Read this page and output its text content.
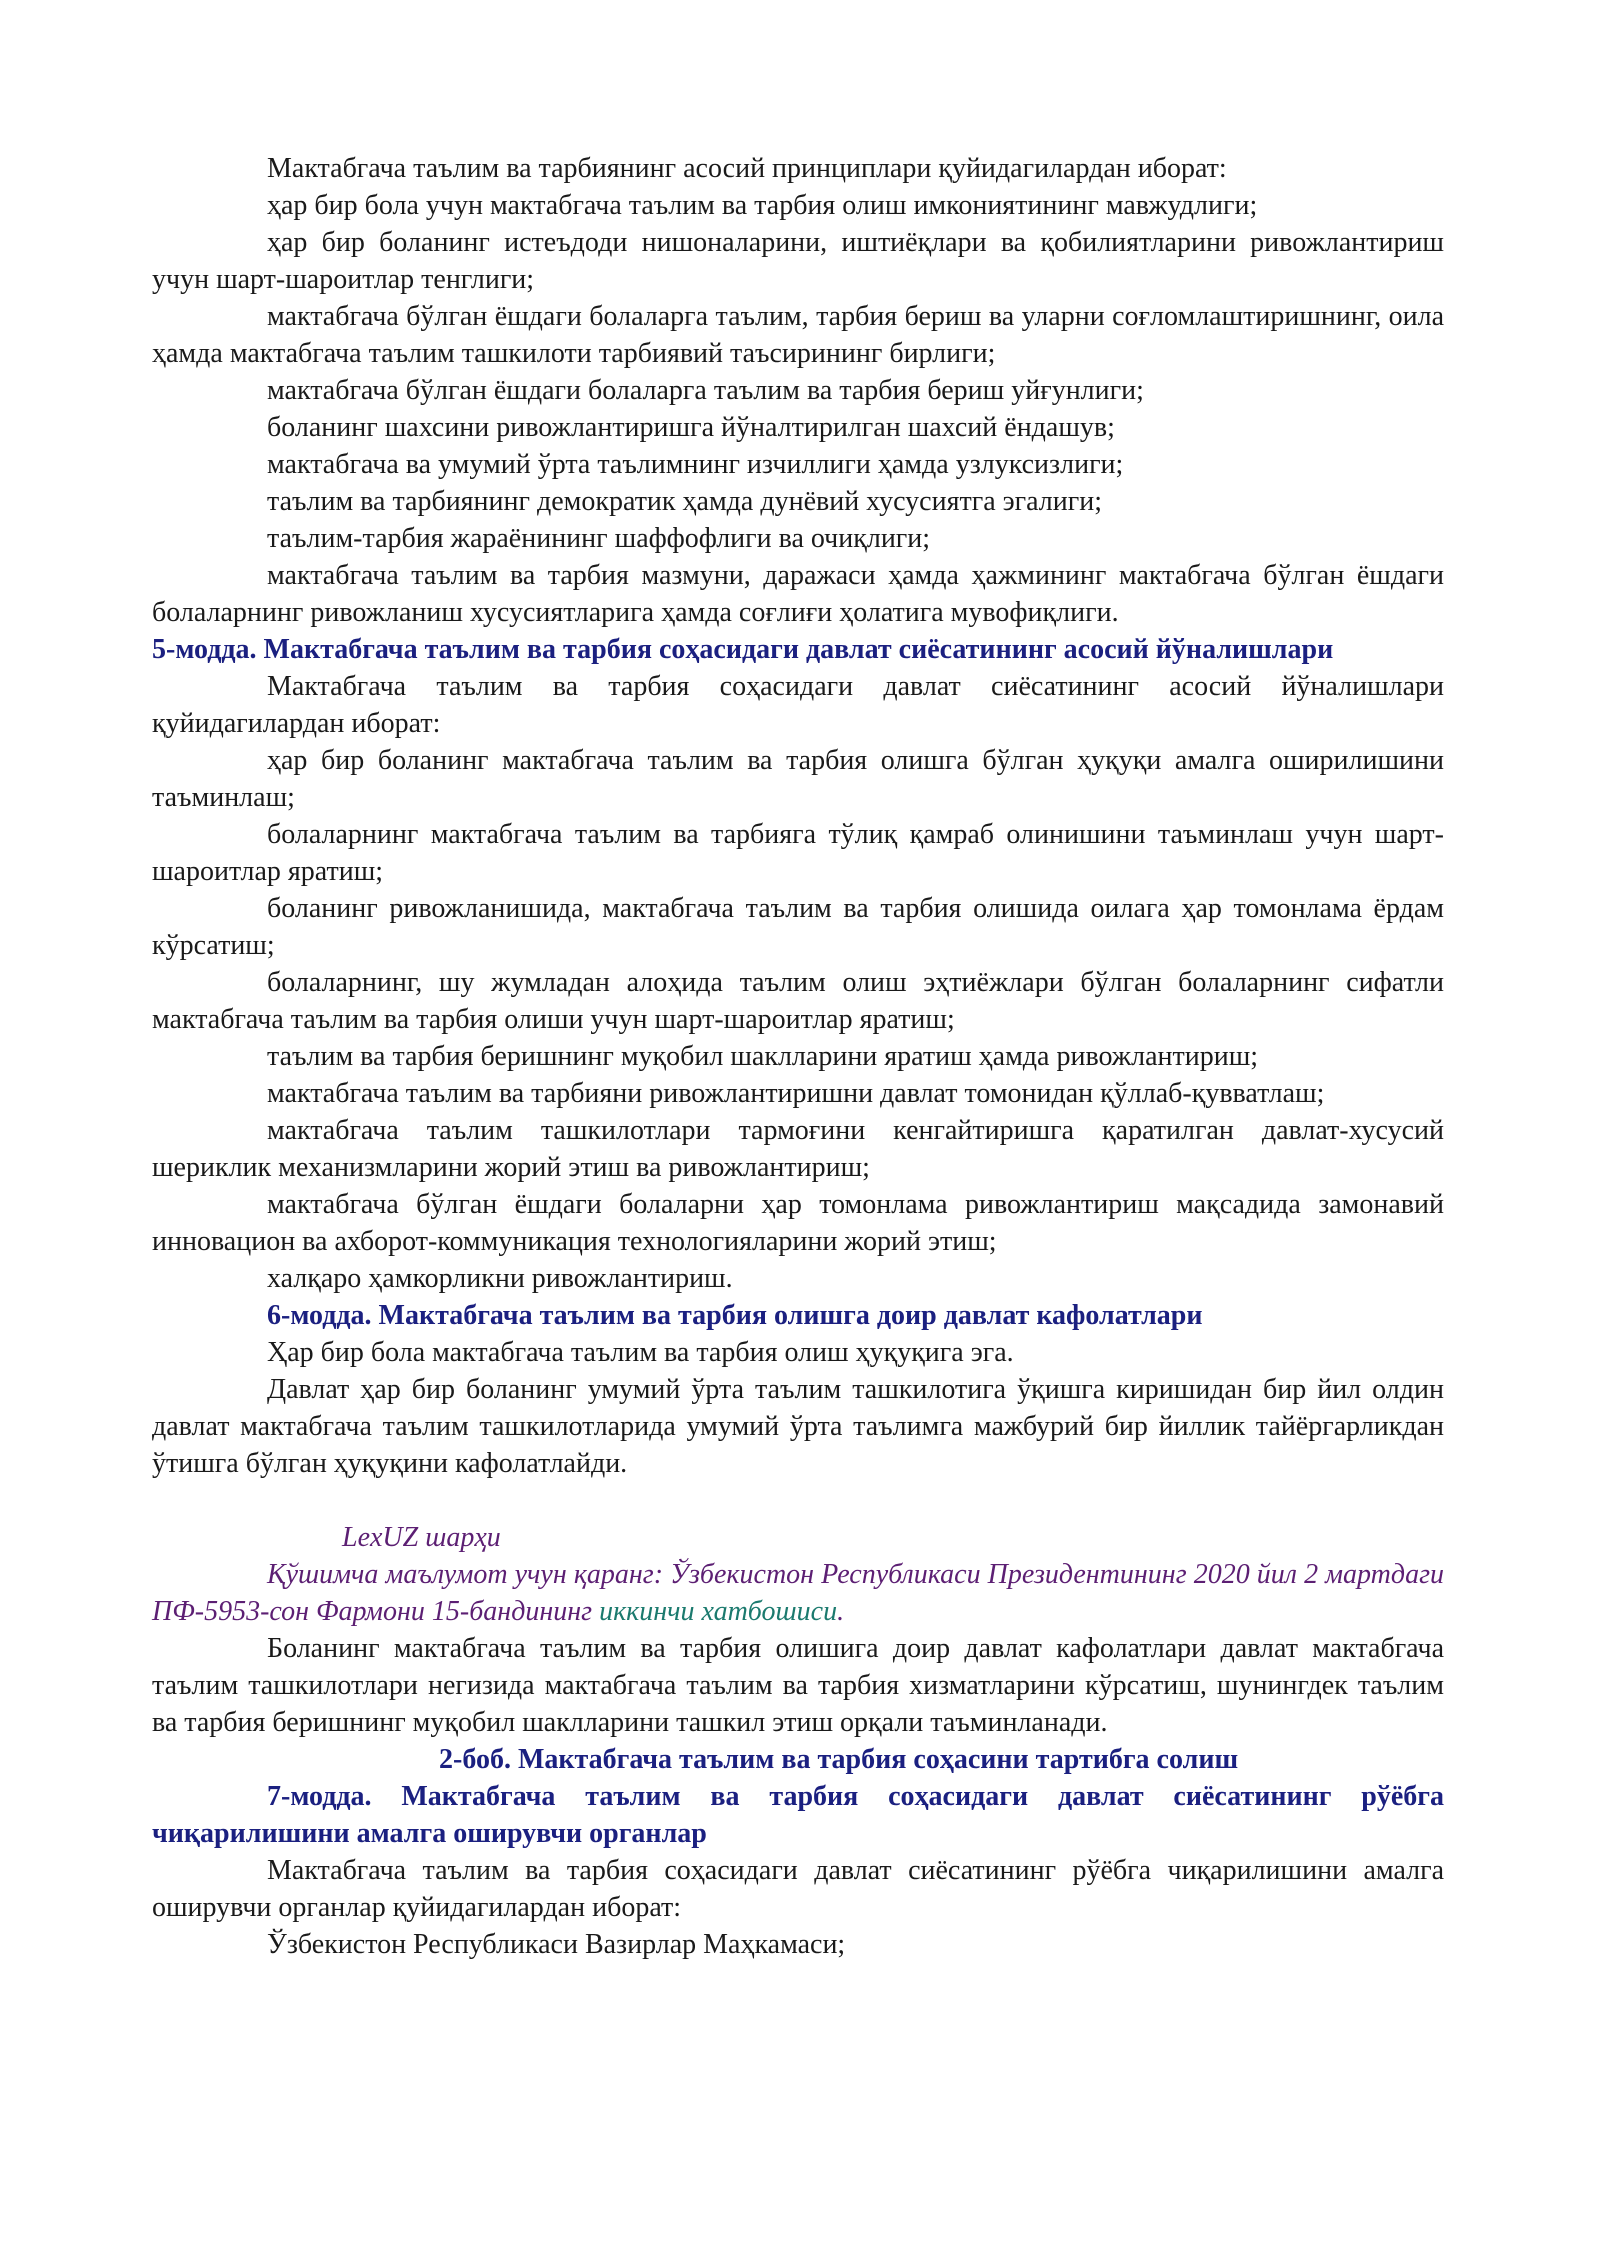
Мактабгача таълим ва тарбиянинг асосий принциплари қуйидагилардан иборат:

ҳар бир бола учун мактабгача таълим ва тарбия олиш имкониятининг мавжудлиги;

ҳар бир боланинг истеъдоди нишоналарини, иштиёқлари ва қобилиятларини ривожлантириш учун шарт-шароитлар тенглиги;

мактабгача бўлган ёшдаги болаларга таълим, тарбия бериш ва уларни соғломлаштиришнинг, оила ҳамда мактабгача таълим ташкилоти тарбиявий таъсирининг бирлиги;

мактабгача бўлган ёшдаги болаларга таълим ва тарбия бериш уйғунлиги;

боланинг шахсини ривожлантиришга йўналтирилган шахсий ёндашув;

мактабгача ва умумий ўрта таълимнинг изчиллиги ҳамда узлуксизлиги;

таълим ва тарбиянинг демократик ҳамда дунёвий хусусиятга эгалиги;

таълим-тарбия жараёнининг шаффофлиги ва очиқлиги;

мактабгача таълим ва тарбия мазмуни, даражаси ҳамда ҳажмининг мактабгача бўлган ёшдаги болаларнинг ривожланиш хусусиятларига ҳамда соғлиғи ҳолатига мувофиқлиги.

5-модда. Мактабгача таълим ва тарбия соҳасидаги давлат сиёсатининг асосий йўналишлари

Мактабгача таълим ва тарбия соҳасидаги давлат сиёсатининг асосий йўналишлари қуйидагилардан иборат:

ҳар бир боланинг мактабгача таълим ва тарбия олишга бўлган ҳуқуқи амалга оширилишини таъминлаш;

болаларнинг мактабгача таълим ва тарбияга тўлиқ қамраб олинишини таъминлаш учун шарт-шароитлар яратиш;

боланинг ривожланишида, мактабгача таълим ва тарбия олишида оилага ҳар томонлама ёрдам кўрсатиш;

болаларнинг, шу жумладан алоҳида таълим олиш эҳтиёжлари бўлган болаларнинг сифатли мактабгача таълим ва тарбия олиши учун шарт-шароитлар яратиш;

таълим ва тарбия беришнинг муқобил шаклларини яратиш ҳамда ривожлантириш;

мактабгача таълим ва тарбияни ривожлантиришни давлат томонидан қўллаб-қувватлаш;

мактабгача таълим ташкилотлари тармоғини кенгайтиришга қаратилган давлат-хусусий шериклик механизмларини жорий этиш ва ривожлантириш;

мактабгача бўлган ёшдаги болаларни ҳар томонлама ривожлантириш мақсадида замонавий инновацион ва ахборот-коммуникация технологияларини жорий этиш;

халқаро ҳамкорликни ривожлантириш.

6-модда. Мактабгача таълим ва тарбия олишга доир давлат кафолатлари

Ҳар бир бола мактабгача таълим ва тарбия олиш ҳуқуқига эга.

Давлат ҳар бир боланинг умумий ўрта таълим ташкилотига ўқишга киришидан бир йил олдин давлат мактабгача таълим ташкилотларида умумий ўрта таълимга мажбурий бир йиллик тайёргарликдан ўтишга бўлган ҳуқуқини кафолатлайди.

LexUZ шарҳи

Қўшимча маълумот учун қаранг: Ўзбекистон Республикаси Президентининг 2020 йил 2 мартдаги ПФ-5953-сон Фармони 15-бандининг иккинчи хатбошиси.

Боланинг мактабгача таълим ва тарбия олишига доир давлат кафолатлари давлат мактабгача таълим ташкилотлари негизида мактабгача таълим ва тарбия хизматларини кўрсатиш, шунингдек таълим ва тарбия беришнинг муқобил шаклларини ташкил этиш орқали таъминланади.

2-боб. Мактабгача таълим ва тарбия соҳасини тартибга солиш

7-модда. Мактабгача таълим ва тарбия соҳасидаги давлат сиёсатининг рўёбга чиқарилишини амалга оширувчи органлар

Мактабгача таълим ва тарбия соҳасидаги давлат сиёсатининг рўёбга чиқарилишини амалга оширувчи органлар қуйидагилардан иборат:

Ўзбекистон Республикаси Вазирлар Маҳкамаси;
